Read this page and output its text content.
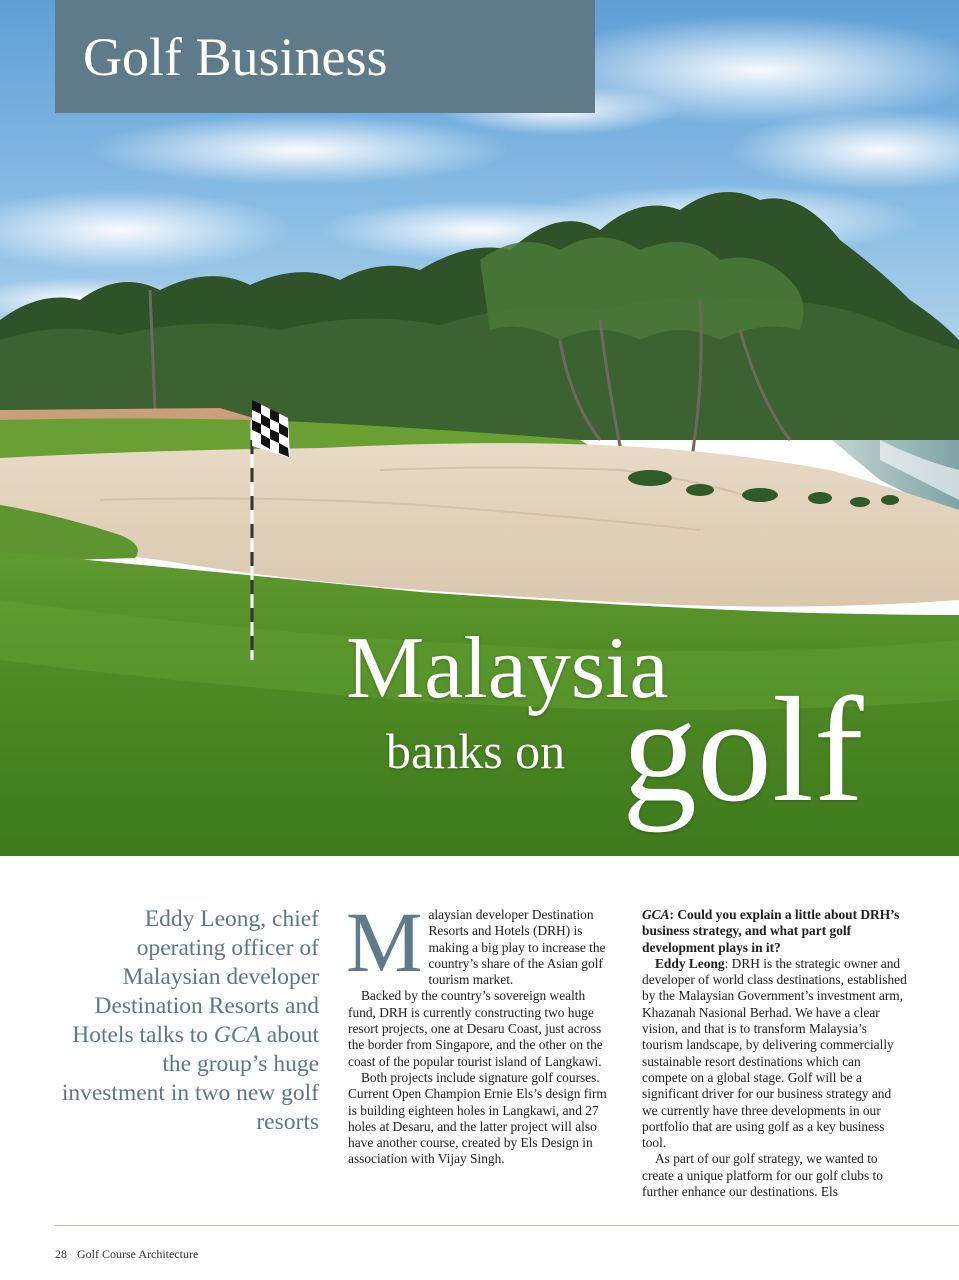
Golf Business
Malaysia
banks on golf
Eddy Leong, chief operating officer of Malaysian developer Destination Resorts and Hotels talks to GCA about the group’s huge investment in two new golf resorts

Malaysian developer Destination Resorts and Hotels (DRH) is making a big play to increase the country’s share of the Asian golf tourism market.

Backed by the country’s sovereign wealth fund, DRH is currently constructing two huge resort projects, one at Desaru Coast, just across the border from Singapore, and the other on the coast of the popular tourist island of Langkawi.

Both projects include signature golf courses. Current Open Champion Ernie Els’s design firm is building eighteen holes in Langkawi, and 27 holes at Desaru, and the latter project will also have another course, created by Els Design in association with Vijay Singh.

GCA: Could you explain a little about DRH’s business strategy, and what part golf development plays in it?

Eddy Leong: DRH is the strategic owner and developer of world class destinations, established by the Malaysian Government’s investment arm, Khazanah Nasional Berhad. We have a clear vision, and that is to transform Malaysia’s tourism landscape, by delivering commercially sustainable resort destinations which can compete on a global stage. Golf will be a significant driver for our business strategy and we currently have three developments in our portfolio that are using golf as a key business tool.

As part of our golf strategy, we wanted to create a unique platform for our golf clubs to further enhance our destinations. Els

28 Golf Course Architecture
